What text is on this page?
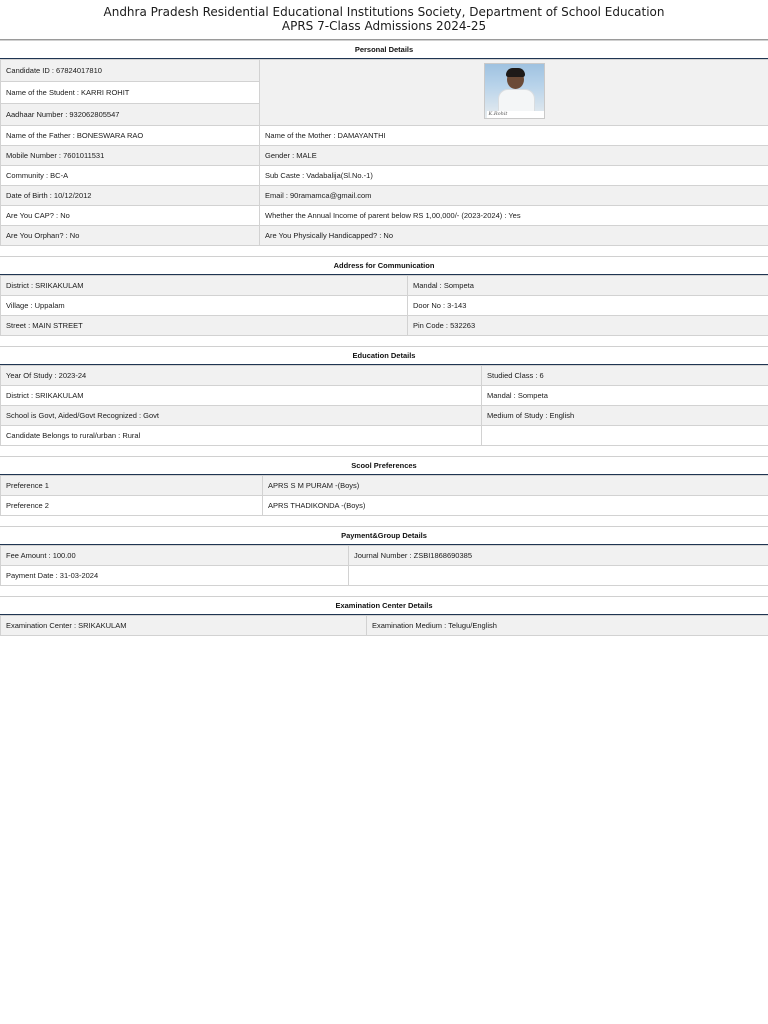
Andhra Pradesh Residential Educational Institutions Society, Department of School Education
APRS 7-Class Admissions 2024-25
Personal Details
Candidate ID : 67824017810	K.Rohit

Name of the Student : KARRI ROHIT	
Aadhaar Number : 932062805547	
Name of the Father : BONESWARA RAO	Name of the Mother : DAMAYANTHI
Mobile Number : 7601011531	Gender : MALE
Community : BC-A	Sub Caste : Vadabalija(Sl.No.-1)
Date of Birth : 10/12/2012	Email : 90ramamca@gmail.com
Are You CAP? : No	Whether the Annual Income of parent below RS 1,00,000/- (2023-2024) : Yes
Are You Orphan? : No	Are You Physically Handicapped? : No
Address for Communication
District : SRIKAKULAM	Mandal : Sompeta
Village : Uppalam	Door No : 3-143
Street : MAIN STREET	Pin Code : 532263
Education Details
Year Of Study : 2023-24	Studied Class : 6
District : SRIKAKULAM	Mandal : Sompeta
School is Govt, Aided/Govt Recognized : Govt	Medium of Study : English
Candidate Belongs to rural/urban : Rural	
Scool Preferences
Preference 1	APRS S M PURAM -(Boys)
Preference 2	APRS THADIKONDA -(Boys)
Payment&Group Details
Fee Amount : 100.00	Journal Number : ZSBI1868690385
Payment Date : 31-03-2024	
Examination Center Details
Examination Center : SRIKAKULAM	Examination Medium : Telugu/English
